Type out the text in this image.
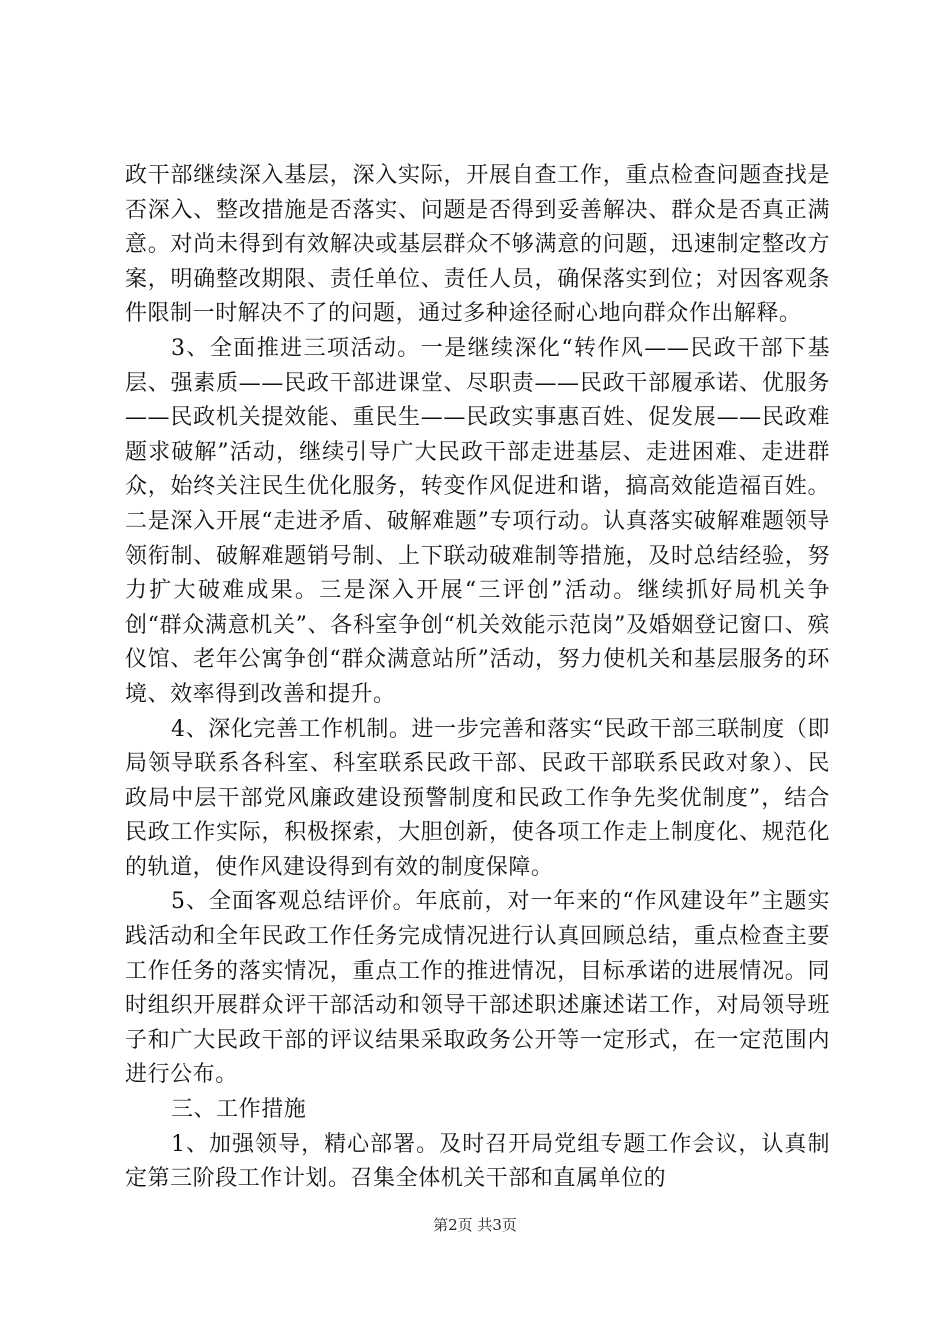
政干部继续深入基层，深入实际，开展自查工作，重点检查问题查找是否深入、整改措施是否落实、问题是否得到妥善解决、群众是否真正满意。对尚未得到有效解决或基层群众不够满意的问题，迅速制定整改方案，明确整改期限、责任单位、责任人员，确保落实到位；对因客观条件限制一时解决不了的问题，通过多种途径耐心地向群众作出解释。

3、全面推进三项活动。一是继续深化“转作风——民政干部下基层、强素质——民政干部进课堂、尽职责——民政干部履承诺、优服务——民政机关提效能、重民生——民政实事惠百姓、促发展——民政难题求破解”活动，继续引导广大民政干部走进基层、走进困难、走进群众，始终关注民生优化服务，转变作风促进和谐，搞高效能造福百姓。二是深入开展“走进矛盾、破解难题”专项行动。认真落实破解难题领导领衔制、破解难题销号制、上下联动破难制等措施，及时总结经验，努力扩大破难成果。三是深入开展“三评创”活动。继续抓好局机关争创“群众满意机关”、各科室争创“机关效能示范岗”及婚姻登记窗口、殡仪馆、老年公寓争创“群众满意站所”活动，努力使机关和基层服务的环境、效率得到改善和提升。

4、深化完善工作机制。进一步完善和落实“民政干部三联制度（即局领导联系各科室、科室联系民政干部、民政干部联系民政对象）、民政局中层干部党风廉政建设预警制度和民政工作争先奖优制度”，结合民政工作实际，积极探索，大胆创新，使各项工作走上制度化、规范化的轨道，使作风建设得到有效的制度保障。

5、全面客观总结评价。年底前，对一年来的“作风建设年”主题实践活动和全年民政工作任务完成情况进行认真回顾总结，重点检查主要工作任务的落实情况，重点工作的推进情况，目标承诺的进展情况。同时组织开展群众评干部活动和领导干部述职述廉述诺工作，对局领导班子和广大民政干部的评议结果采取政务公开等一定形式，在一定范围内进行公布。

三、工作措施

1、加强领导，精心部署。及时召开局党组专题工作会议，认真制定第三阶段工作计划。召集全体机关干部和直属单位的

第2页 共3页
